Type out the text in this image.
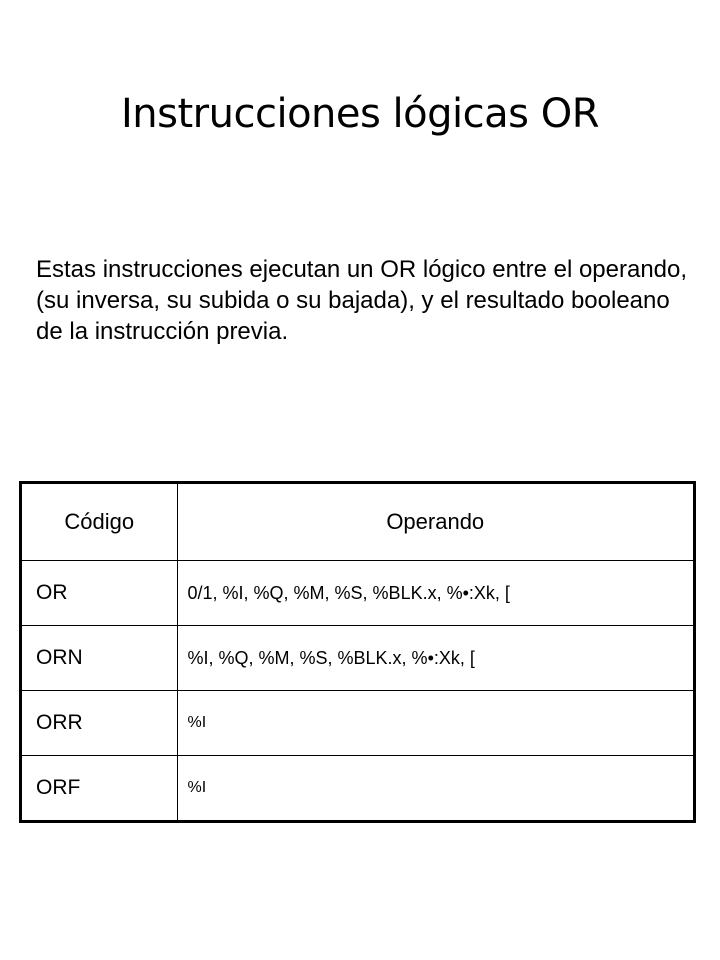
Instrucciones lógicas OR

Estas instrucciones ejecutan un OR lógico entre el operando, (su inversa, su subida o su bajada), y el resultado booleano de la instrucción previa.

Código	Operando
OR	0/1, %I, %Q, %M, %S, %BLK.x, %•:Xk, [
ORN	%I, %Q, %M, %S, %BLK.x, %•:Xk, [
ORR	%I
ORF	%I
